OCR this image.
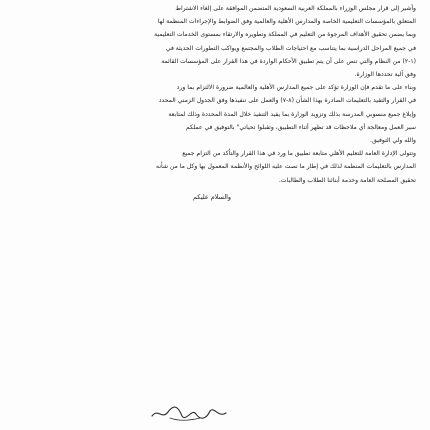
وأشير إلى قرار مجلس الوزراء بالمملكة العربية السعودية المتضمن الموافقة على إلغاء الاشتراط
المتعلق بالمؤسسات التعليمية الخاصة والمدارس الأهلية والعالمية وفق الضوابط والإجراءات المنظمة لها
وبما يضمن تحقيق الأهداف المرجوة من التعليم في المملكة وتطويره والارتقاء بمستوى الخدمات التعليمية
في جميع المراحل الدراسية بما يتناسب مع احتياجات الطلاب والمجتمع ويواكب التطورات الحديثة في
(١-٢) من النظام والتي تنص على أن يتم تطبيق الأحكام الواردة في هذا القرار على المؤسسات القائمة
وفق آلية تحددها الوزارة.
وبناء على ما تقدم فإن الوزارة تؤكد على جميع المدارس الأهلية والعالمية ضرورة الالتزام بما ورد
في القرار والتقيد بالتعليمات الصادرة بهذا الشأن (٨-٧) والعمل على تنفيذها وفق الجدول الزمني المحدد
وإبلاغ جميع منسوبي المدرسة بذلك وتزويد الوزارة بما يفيد التنفيذ خلال المدة المحددة وذلك لمتابعة
سير العمل ومعالجة أي ملاحظات قد تظهر أثناء التطبيق، وتقبلوا تحياتي" بالتوفيق في عملكم
والله ولي التوفيق.
وتتولى الإدارة العامة للتعليم الأهلي متابعة تطبيق ما ورد في هذا القرار والتأكد من التزام جميع
المدارس بالتعليمات المنظمة لذلك في إطار ما نصت عليه اللوائح والأنظمة المعمول بها وكل ما من شأنه
تحقيق المصلحة العامة وخدمة أبنائنا الطلاب والطالبات.
والسلام عليكم
